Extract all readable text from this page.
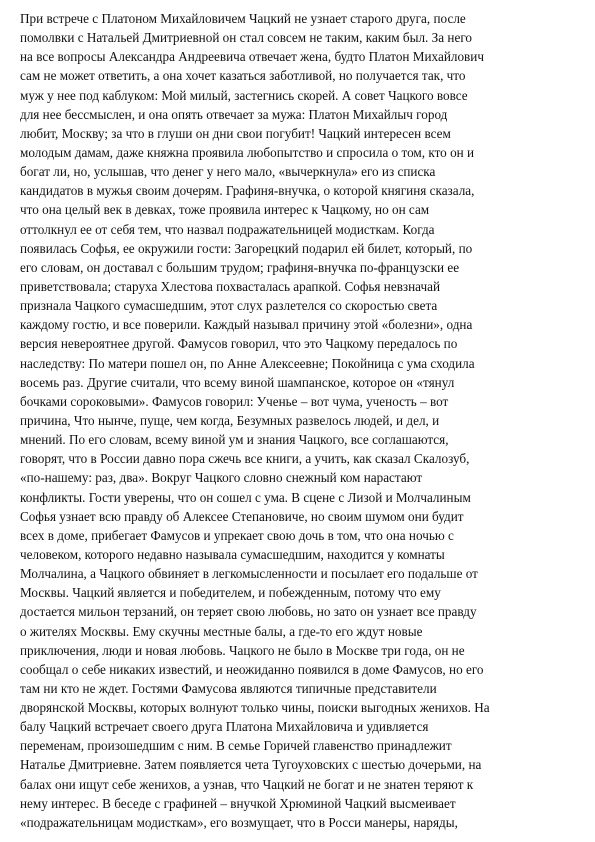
При встрече с Платоном Михайловичем Чацкий не узнает старого друга, после
помолвки с Натальей Дмитриевной он стал совсем не таким, каким был. За него
на все вопросы Александра Андреевича отвечает жена, будто Платон Михайлович
сам не может ответить, а она хочет казаться заботливой, но получается так, что
муж у нее под каблуком: Мой милый, застегнись скорей. А совет Чацкого вовсе
для нее бессмыслен, и она опять отвечает за мужа: Платон Михайлыч город
любит, Москву; за что в глуши он дни свои погубит! Чацкий интересен всем
молодым дамам, даже княжна проявила любопытство и спросила о том, кто он и
богат ли, но, услышав, что денег у него мало, «вычеркнула» его из списка
кандидатов в мужья своим дочерям. Графиня-внучка, о которой княгиня сказала,
что она целый век в девках, тоже проявила интерес к Чацкому, но он сам
оттолкнул ее от себя тем, что назвал подражательницей модисткам. Когда
появилась Софья, ее окружили гости: Загорецкий подарил ей билет, который, по
его словам, он доставал с большим трудом; графиня-внучка по-французски ее
приветствовала; старуха Хлестова похвасталась арапкой. Софья невзначай
признала Чацкого сумасшедшим, этот слух разлетелся со скоростью света
каждому гостю, и все поверили. Каждый называл причину этой «болезни», одна
версия невероятнее другой. Фамусов говорил, что это Чацкому передалось по
наследству: По матери пошел он, по Анне Алексеевне; Покойница с ума сходила
восемь раз. Другие считали, что всему виной шампанское, которое он «тянул
бочками сороковыми». Фамусов говорил: Ученье – вот чума, ученость – вот
причина, Что нынче, пуще, чем когда, Безумных развелось людей, и дел, и
мнений. По его словам, всему виной ум и знания Чацкого, все соглашаются,
говорят, что в России давно пора сжечь все книги, а учить, как сказал Скалозуб,
«по-нашему: раз, два». Вокруг Чацкого словно снежный ком нарастают
конфликты. Гости уверены, что он сошел с ума. В сцене с Лизой и Молчалиным
Софья узнает всю правду об Алексее Степановиче, но своим шумом они будит
всех в доме, прибегает Фамусов и упрекает свою дочь в том, что она ночью с
человеком, которого недавно называла сумасшедшим, находится у комнаты
Молчалина, а Чацкого обвиняет в легкомысленности и посылает его подальше от
Москвы. Чацкий является и победителем, и побежденным, потому что ему
достается мильон терзаний, он теряет свою любовь, но зато он узнает все правду
о жителях Москвы. Ему скучны местные балы, а где-то его ждут новые
приключения, люди и новая любовь. Чацкого не было в Москве три года, он не
сообщал о себе никаких известий, и неожиданно появился в доме Фамусов, но его
там ни кто не ждет. Гостями Фамусова являются типичные представители
дворянской Москвы, которых волнуют только чины, поиски выгодных женихов. На
балу Чацкий встречает своего друга Платона Михайловича и удивляется
переменам, произошедшим с ним. В семье Горичей главенство принадлежит
Наталье Дмитриевне. Затем появляется чета Тугоуховских с шестью дочерьми, на
балах они ищут себе женихов, а узнав, что Чацкий не богат и не знатен теряют к
нему интерес. В беседе с графиней – внучкой Хрюминой Чацкий высмеивает
«подражательницам модисткам», его возмущает, что в Росси манеры, наряды,
